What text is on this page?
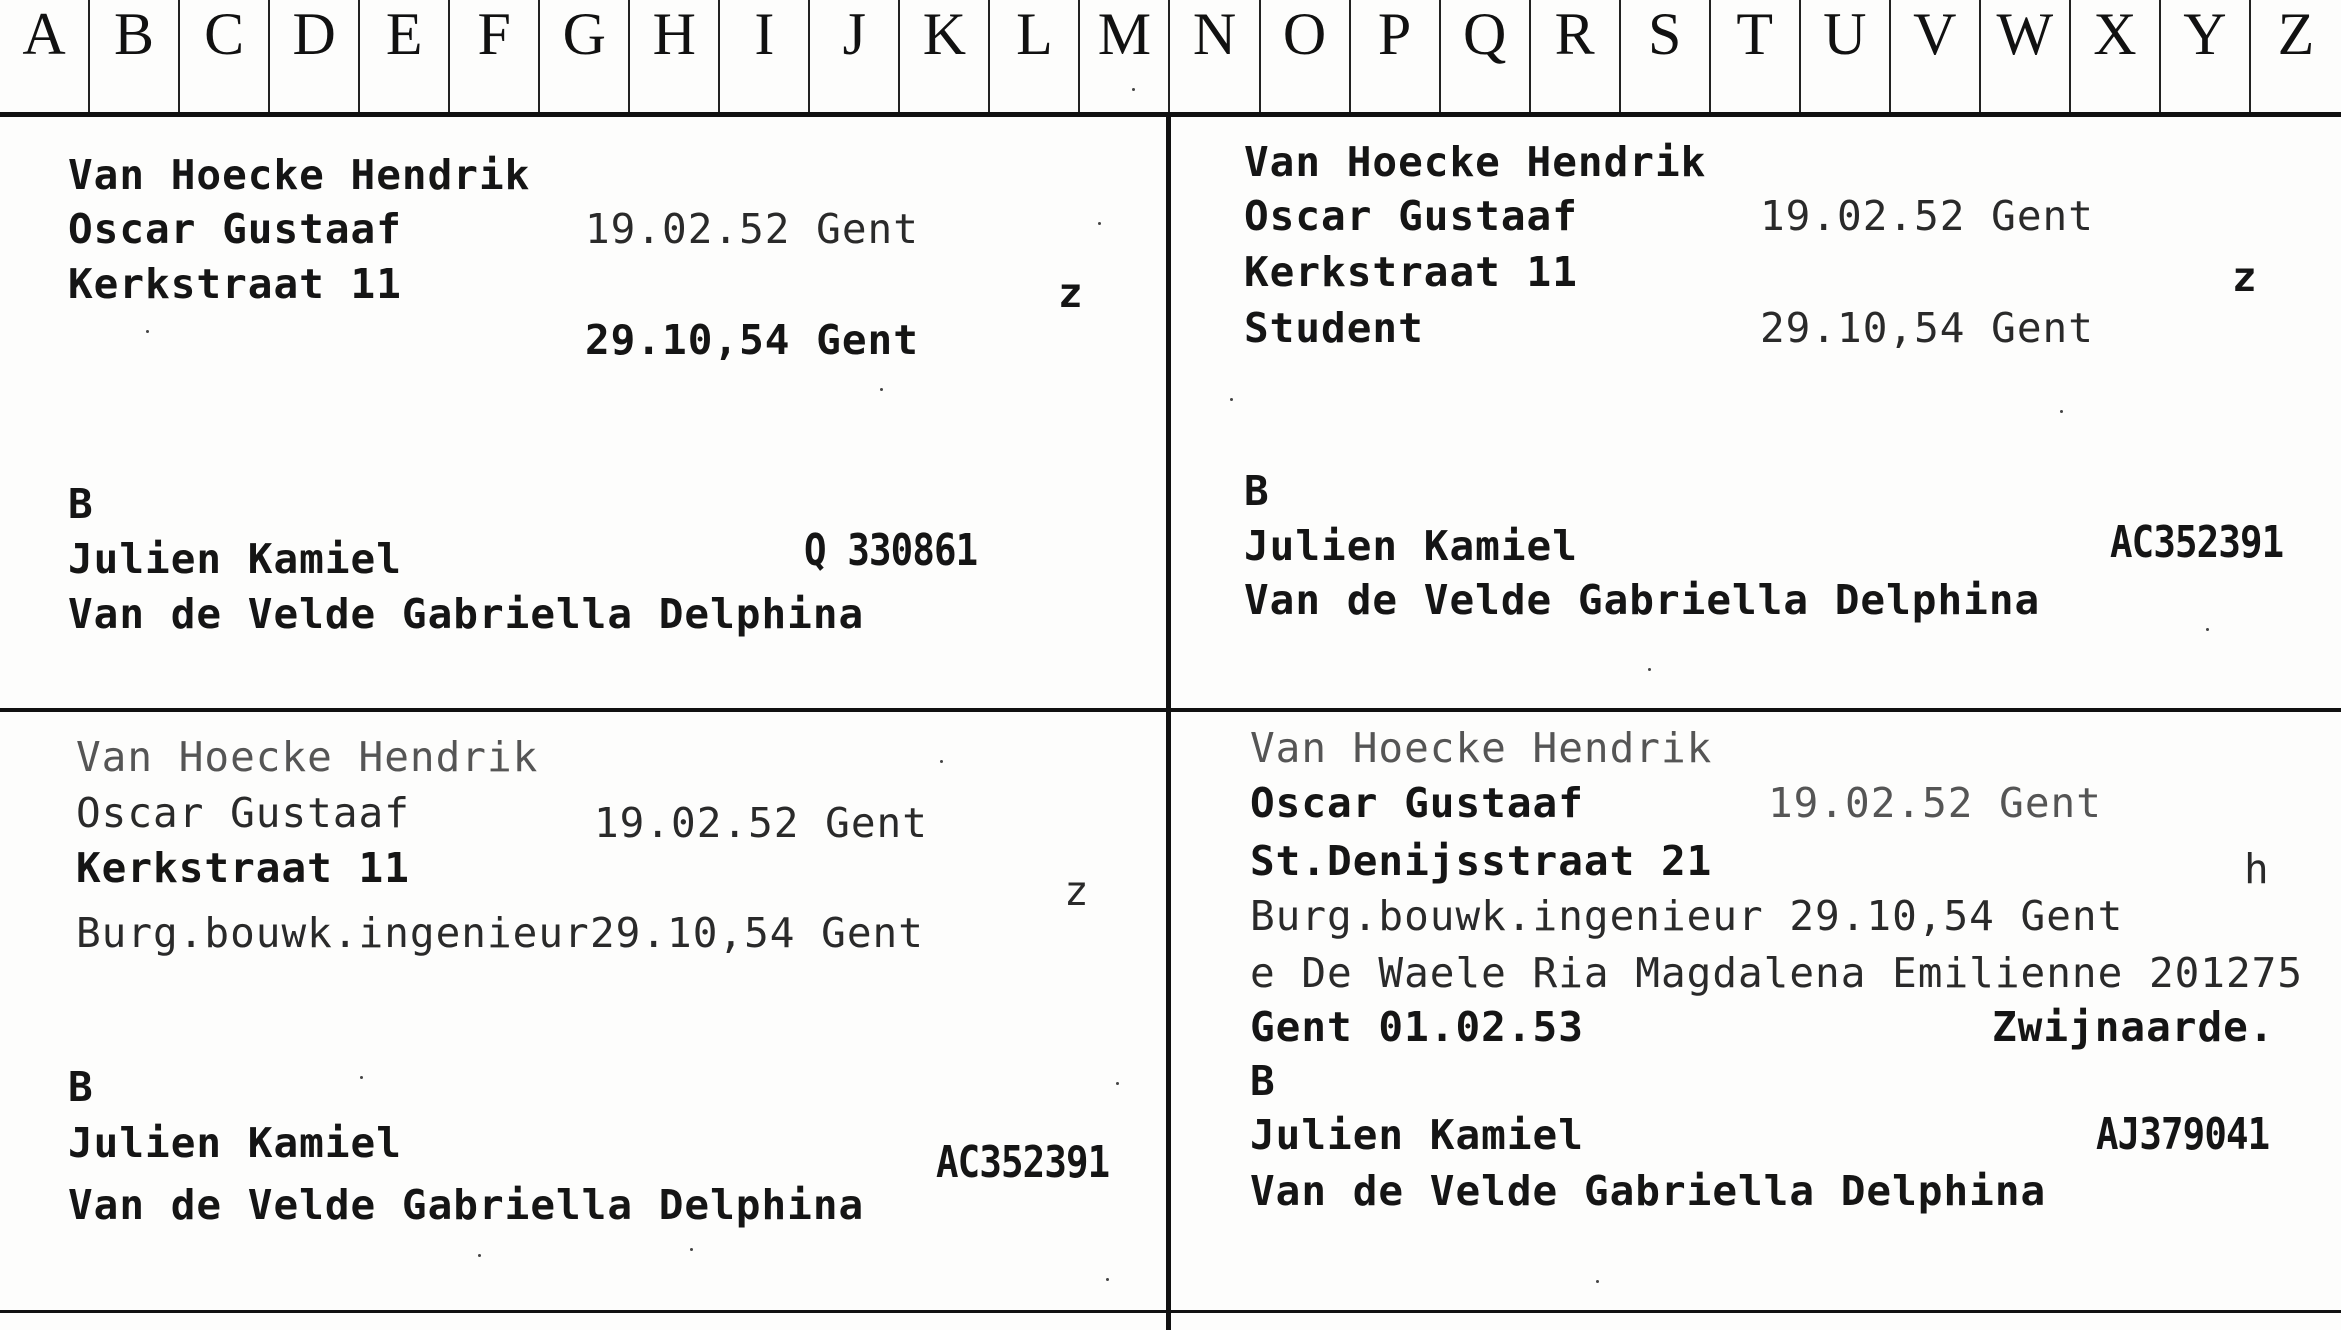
A B C D E F G H I	J K L M N O P Q R S T U V W X Y Z
Van Hoecke Hendrik
Oscar Gustaaf	19.02.52 Gent
Kerkstraat 11	z
29.10,54 Gent
B
Julien Kamiel	Q 330861
Van de Velde Gabriella Delphina
Van Hoecke Hendrik
Oscar Gustaaf	19.02.52 Gent
Kerkstraat 11	z
Student	29.10,54 Gent
B
Julien Kamiel	AC352391
Van de Velde Gabriella Delphina
Van Hoecke Hendrik
Oscar Gustaaf	19.02.52 Gent
Kerkstraat 11	z
Burg.bouwk.ingenieur 29.10,54 Gent
B
Julien Kamiel	AC352391
Van de Velde Gabriella Delphina
Van Hoecke Hendrik
Oscar Gustaaf	19.02.52 Gent
St.Denijsstraat 21	h
Burg.bouwk.ingenieur 29.10,54 Gent
e De Waele Ria Magdalena Emilienne 201275
Gent 01.02.53	Zwijnaarde.
B
Julien Kamiel	AJ379041
Van de Velde Gabriella Delphina
